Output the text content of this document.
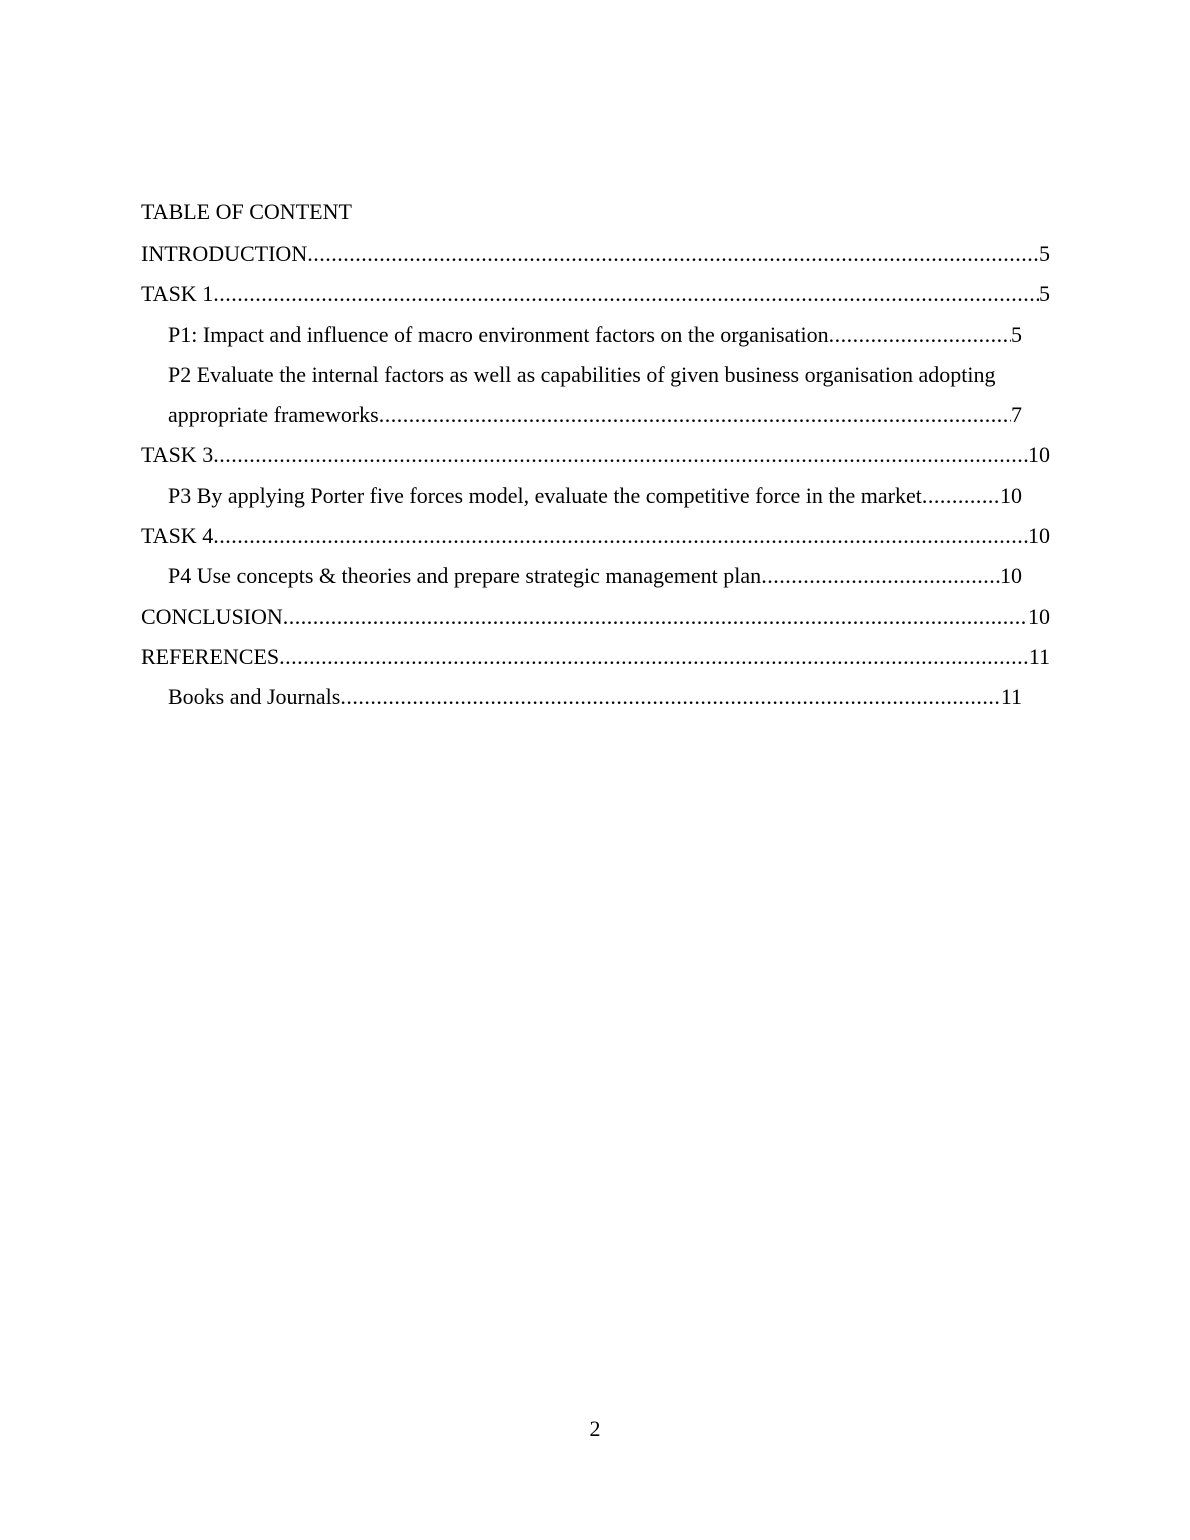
TABLE OF CONTENT
INTRODUCTION .....	5
TASK 1 .....	5
P1: Impact and influence of macro environment factors on the organisation .....	5
P2 Evaluate the internal factors as well as capabilities of given business organisation adopting
appropriate frameworks .....	7
TASK 3 .....	10
P3 By applying Porter five forces model, evaluate the competitive force in the market .....	10
TASK 4 .....	10
P4 Use concepts & theories and prepare strategic management plan .....	10
CONCLUSION .....	10
REFERENCES .....	11
Books and Journals .....	11
2
